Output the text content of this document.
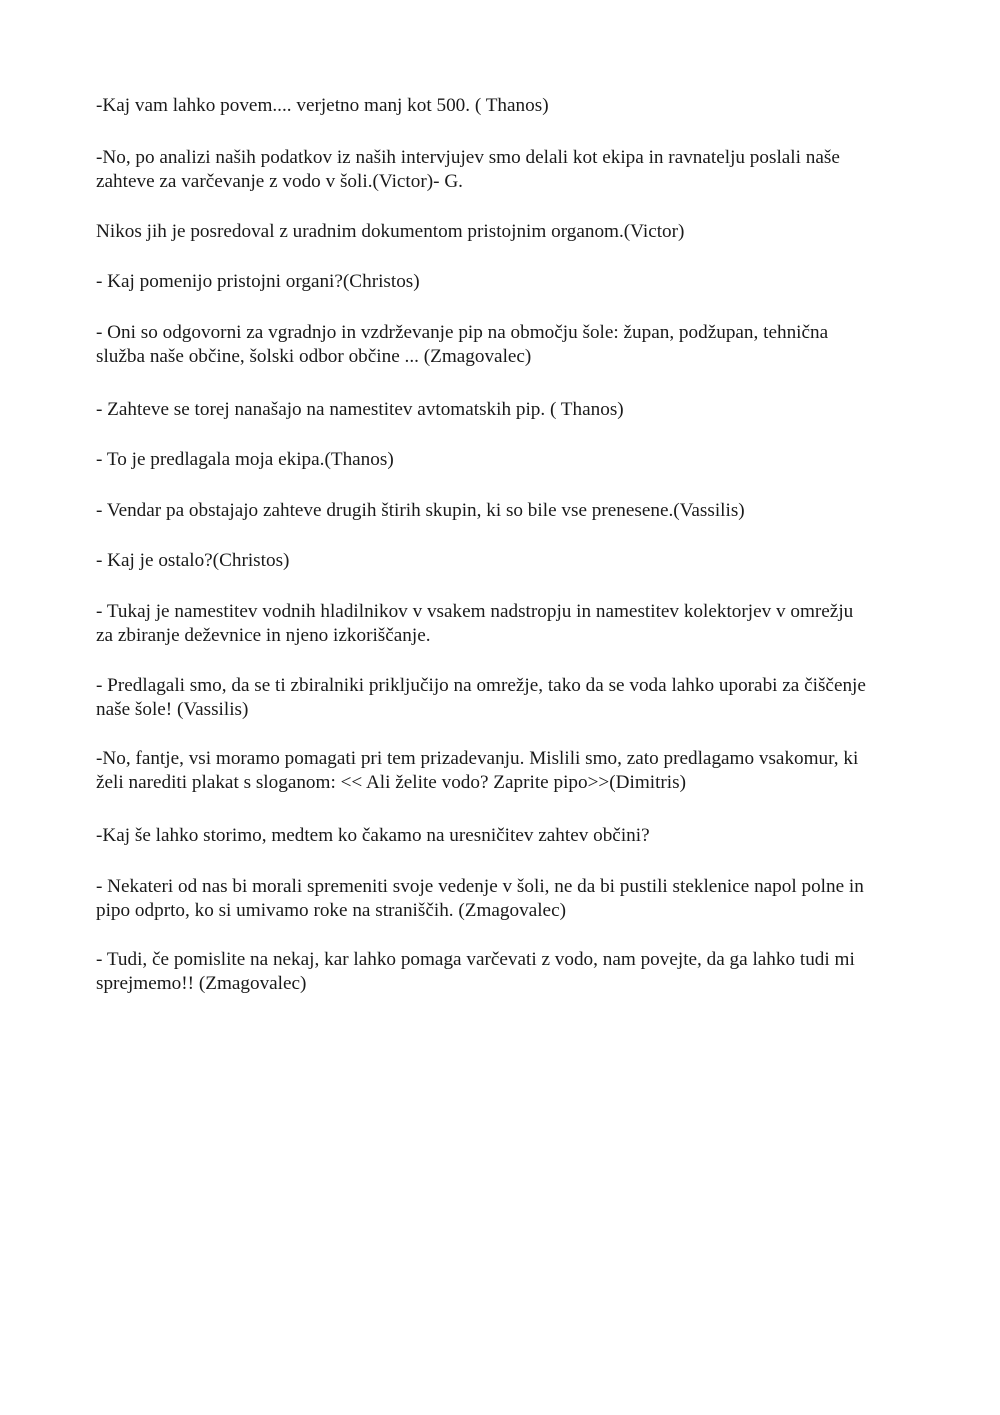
-Kaj vam lahko povem.... verjetno manj kot 500. ( Thanos)

-No, po analizi naših podatkov iz naših intervjujev smo delali kot ekipa in ravnatelju poslali naše
zahteve za varčevanje z vodo v šoli.(Victor)- G.

Nikos jih je posredoval z uradnim dokumentom pristojnim organom.(Victor)

- Kaj pomenijo pristojni organi?(Christos)

- Oni so odgovorni za vgradnjo in vzdrževanje pip na območju šole: župan, podžupan, tehnična
služba naše občine, šolski odbor občine ... (Zmagovalec)

- Zahteve se torej nanašajo na namestitev avtomatskih pip. ( Thanos)

- To je predlagala moja ekipa.(Thanos)

- Vendar pa obstajajo zahteve drugih štirih skupin, ki so bile vse prenesene.(Vassilis)

- Kaj je ostalo?(Christos)

- Tukaj je namestitev vodnih hladilnikov v vsakem nadstropju in namestitev kolektorjev v omrežju
za zbiranje deževnice in njeno izkoriščanje.

- Predlagali smo, da se ti zbiralniki priključijo na omrežje, tako da se voda lahko uporabi za čiščenje
naše šole! (Vassilis)

-No, fantje, vsi moramo pomagati pri tem prizadevanju. Mislili smo, zato predlagamo vsakomur, ki
želi narediti plakat s sloganom: << Ali želite vodo? Zaprite pipo>>(Dimitris)

-Kaj še lahko storimo, medtem ko čakamo na uresničitev zahtev občini?

- Nekateri od nas bi morali spremeniti svoje vedenje v šoli, ne da bi pustili steklenice napol polne in
pipo odprto, ko si umivamo roke na straniščih. (Zmagovalec)

- Tudi, če pomislite na nekaj, kar lahko pomaga varčevati z vodo, nam povejte, da ga lahko tudi mi
sprejmemo!! (Zmagovalec)
